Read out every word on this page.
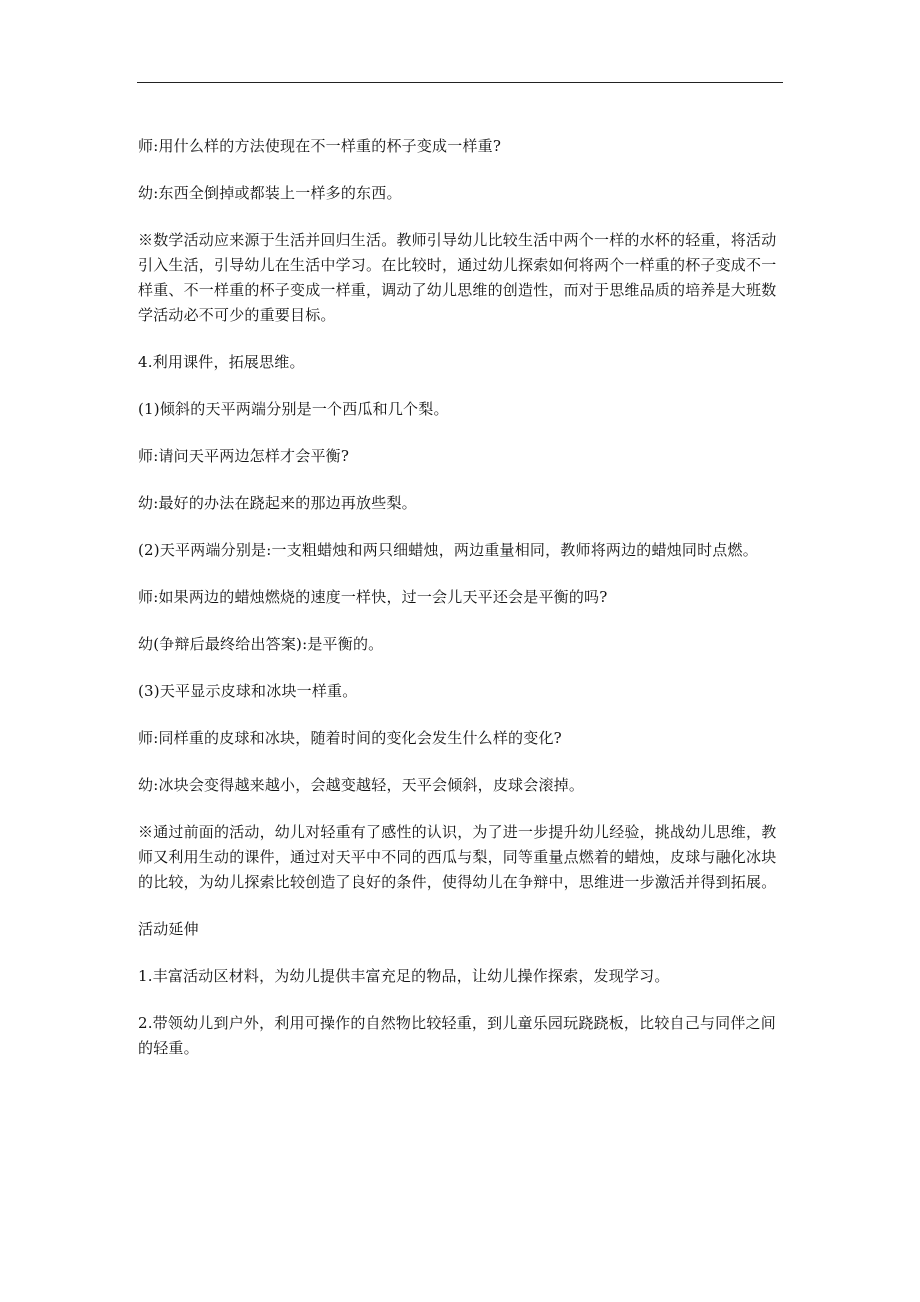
师:用什么样的方法使现在不一样重的杯子变成一样重?

幼:东西全倒掉或都装上一样多的东西。

※数学活动应来源于生活并回归生活。教师引导幼儿比较生活中两个一样的水杯的轻重，将活动引入生活，引导幼儿在生活中学习。在比较时，通过幼儿探索如何将两个一样重的杯子变成不一样重、不一样重的杯子变成一样重，调动了幼儿思维的创造性，而对于思维品质的培养是大班数学活动必不可少的重要目标。

4.利用课件，拓展思维。

(1)倾斜的天平两端分别是一个西瓜和几个梨。

师:请问天平两边怎样才会平衡?

幼:最好的办法在跷起来的那边再放些梨。

(2)天平两端分别是:一支粗蜡烛和两只细蜡烛，两边重量相同，教师将两边的蜡烛同时点燃。

师:如果两边的蜡烛燃烧的速度一样快，过一会儿天平还会是平衡的吗?

幼(争辩后最终给出答案):是平衡的。

(3)天平显示皮球和冰块一样重。

师:同样重的皮球和冰块，随着时间的变化会发生什么样的变化?

幼:冰块会变得越来越小，会越变越轻，天平会倾斜，皮球会滚掉。

※通过前面的活动，幼儿对轻重有了感性的认识，为了进一步提升幼儿经验，挑战幼儿思维，教师又利用生动的课件，通过对天平中不同的西瓜与梨，同等重量点燃着的蜡烛，皮球与融化冰块的比较，为幼儿探索比较创造了良好的条件，使得幼儿在争辩中，思维进一步激活并得到拓展。

活动延伸

1.丰富活动区材料，为幼儿提供丰富充足的物品，让幼儿操作探索，发现学习。

2.带领幼儿到户外，利用可操作的自然物比较轻重，到儿童乐园玩跷跷板，比较自己与同伴之间的轻重。
